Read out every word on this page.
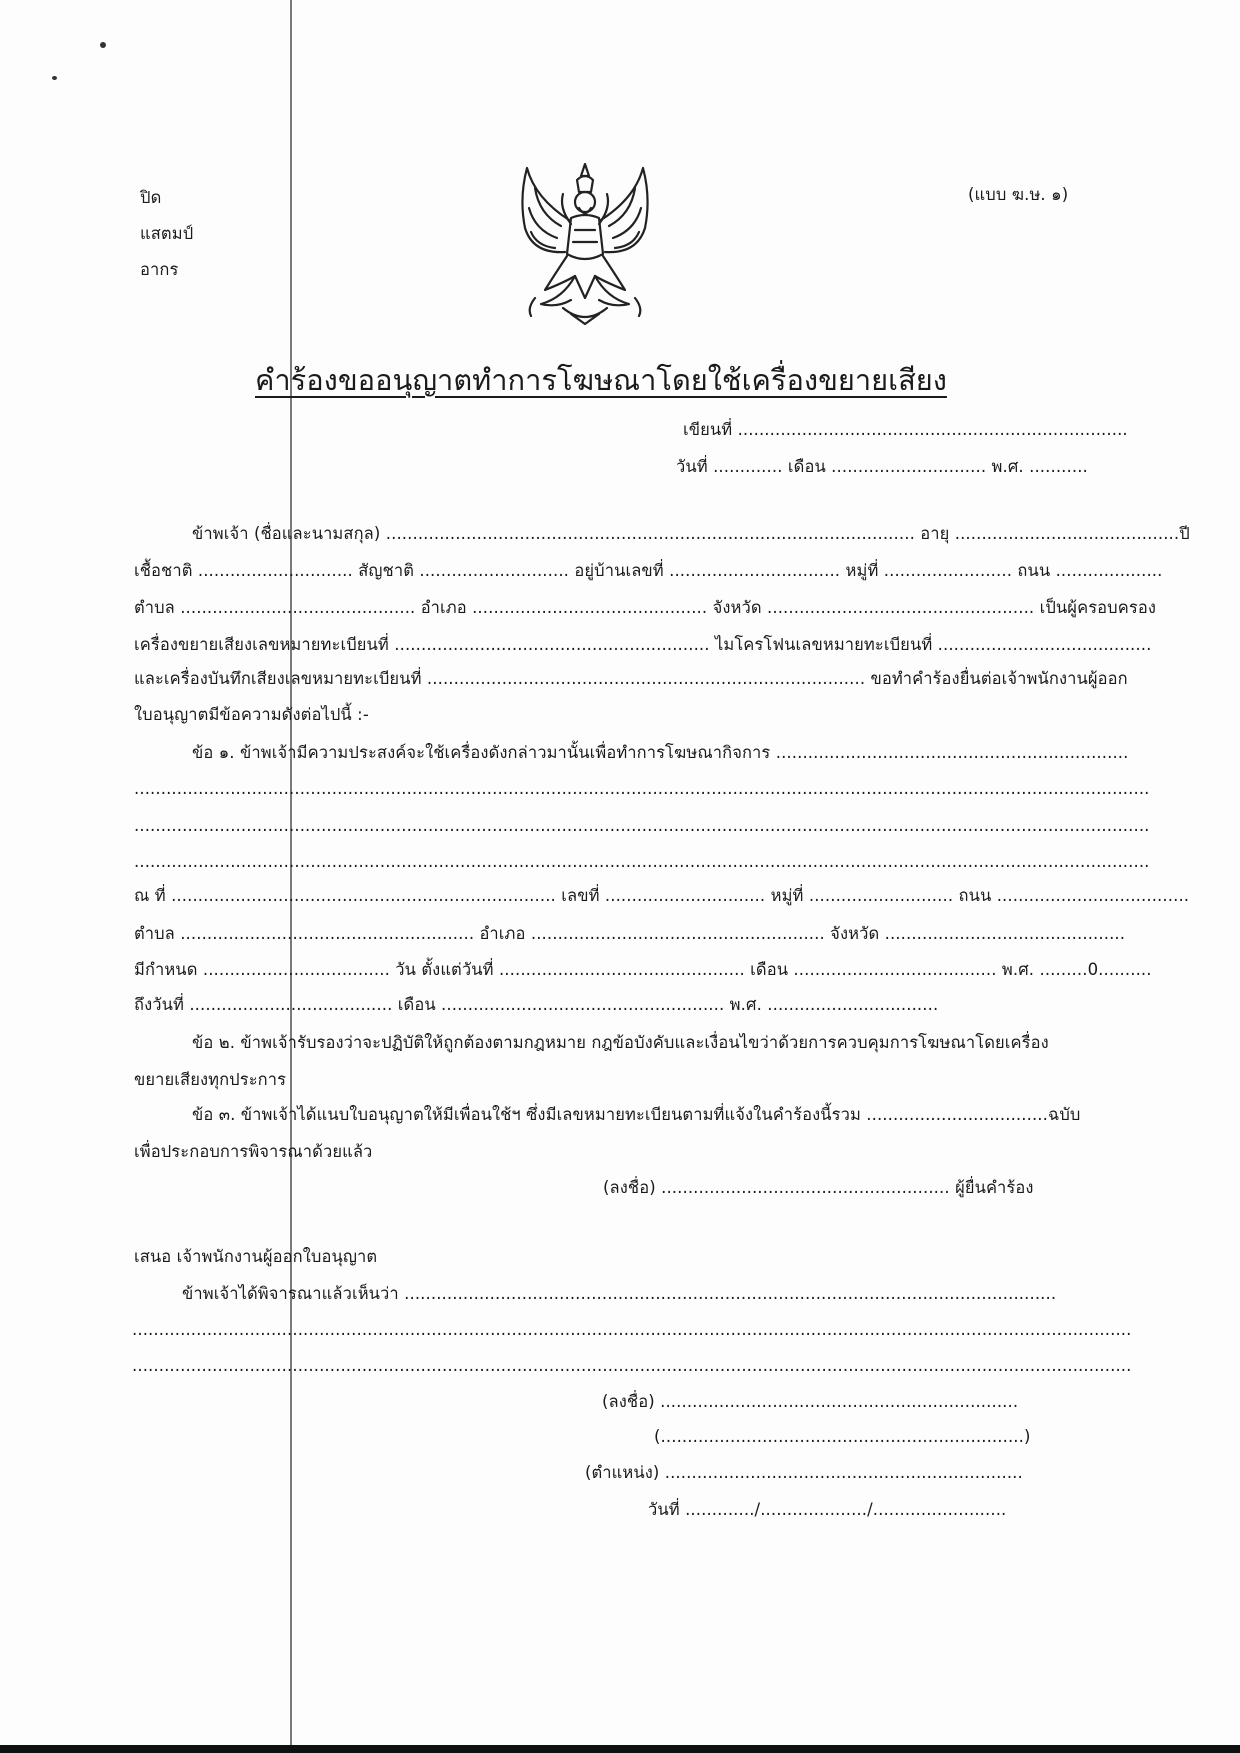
ปิด
แสตมป์
อากร
(แบบ ฆ.ษ. ๑)
คำร้องขออนุญาตทำการโฆษณาโดยใช้เครื่องขยายเสียง
เขียนที่ .........................................................................
วันที่ ............. เดือน ............................. พ.ศ. ...........
ข้าพเจ้า (ชื่อและนามสกุล) ................................................................................................... อายุ ..........................................ปี
เชื้อชาติ ............................. สัญชาติ ............................ อยู่บ้านเลขที่ ................................ หมู่ที่ ........................ ถนน ....................
ตำบล ............................................ อำเภอ ............................................ จังหวัด .................................................. เป็นผู้ครอบครอง
เครื่องขยายเสียงเลขหมายทะเบียนที่ ........................................................... ไมโครโฟนเลขหมายทะเบียนที่ ........................................
และเครื่องบันทึกเสียงเลขหมายทะเบียนที่ .................................................................................. ขอทำคำร้องยื่นต่อเจ้าพนักงานผู้ออก
ใบอนุญาตมีข้อความดังต่อไปนี้ :-
ข้อ ๑. ข้าพเจ้ามีความประสงค์จะใช้เครื่องดังกล่าวมานั้นเพื่อทำการโฆษณากิจการ ..................................................................
..............................................................................................................................................................................................
..............................................................................................................................................................................................
..............................................................................................................................................................................................
ณ ที่ ........................................................................ เลขที่ .............................. หมู่ที่ ........................... ถนน ....................................
ตำบล ....................................................... อำเภอ ....................................................... จังหวัด .............................................
มีกำหนด ................................... วัน ตั้งแต่วันที่ .............................................. เดือน ...................................... พ.ศ. .........0..........
ถึงวันที่ ...................................... เดือน ..................................................... พ.ศ. ................................
ข้อ ๒. ข้าพเจ้ารับรองว่าจะปฏิบัติให้ถูกต้องตามกฎหมาย กฎข้อบังคับและเงื่อนไขว่าด้วยการควบคุมการโฆษณาโดยเครื่อง
ขยายเสียงทุกประการ
ข้อ ๓. ข้าพเจ้าได้แนบใบอนุญาตให้มีเพื่อนใช้ฯ ซึ่งมีเลขหมายทะเบียนตามที่แจ้งในคำร้องนี้รวม ..................................ฉบับ
เพื่อประกอบการพิจารณาด้วยแล้ว
(ลงชื่อ) ...................................................... ผู้ยื่นคำร้อง
เสนอ เจ้าพนักงานผู้ออกใบอนุญาต
ข้าพเจ้าได้พิจารณาแล้วเห็นว่า ..........................................................................................................................
...........................................................................................................................................................................................
...........................................................................................................................................................................................
(ลงชื่อ) ...................................................................
(....................................................................)
(ตำแหน่ง) ...................................................................
วันที่ ............./..................../.........................
